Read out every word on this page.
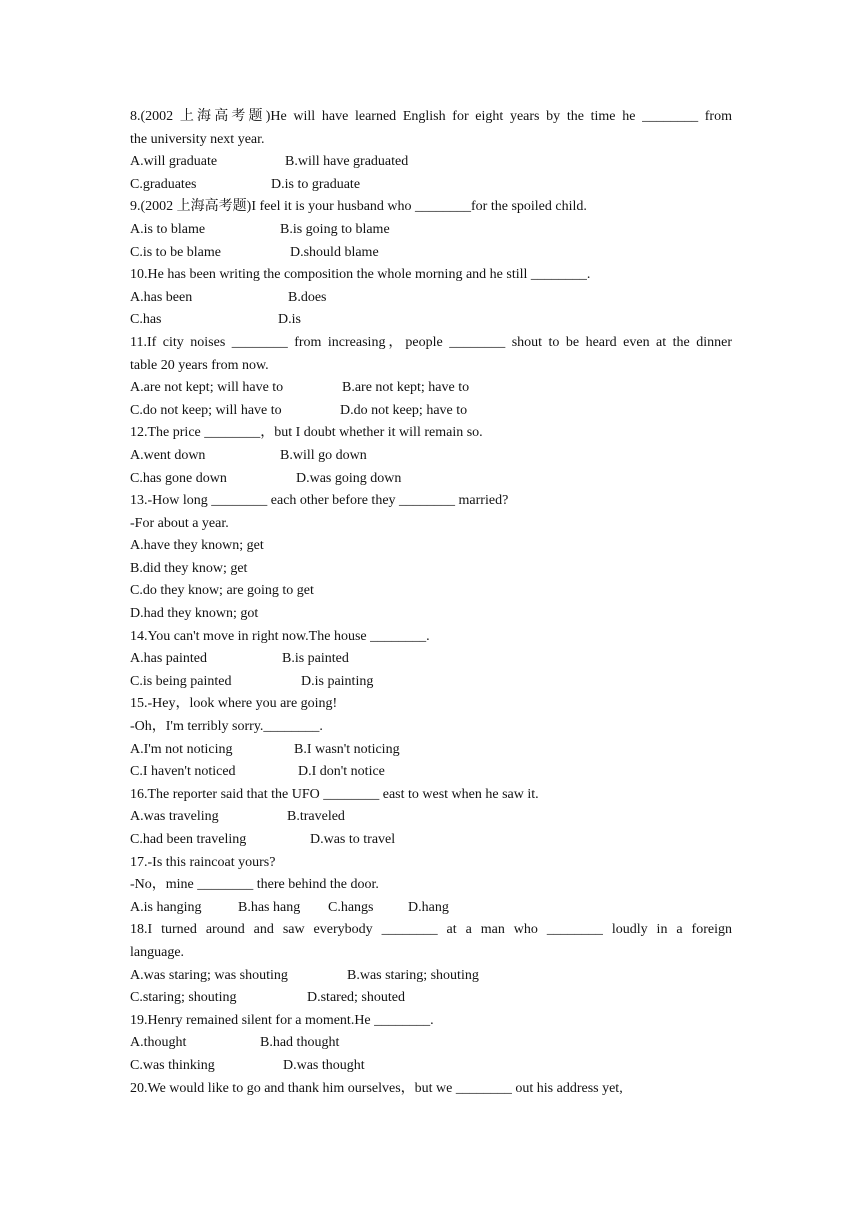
8.(2002 上海高考题)He will have learned English for eight years by the time he ________ from
the university next year.
A.will graduate	B.will have graduated
C.graduates	D.is to graduate
9.(2002 上海高考题)I feel it is your husband who ________for the spoiled child.
A.is to blame	B.is going to blame
C.is to be blame	D.should blame
10.He has been writing the composition the whole morning and he still ________.
A.has been	B.does
C.has	D.is
11.If city noises ________ from increasing，people ________ shout to be heard even at the dinner
table 20 years from now.
A.are not kept; will have to	B.are not kept; have to
C.do not keep; will have to	D.do not keep; have to
12.The price ________，but I doubt whether it will remain so.
A.went down	B.will go down
C.has gone down	D.was going down
13.-How long ________ each other before they ________ married?
-For about a year.
A.have they known; get
B.did they know; get
C.do they know; are going to get
D.had they known; got
14.You can't move in right now.The house ________.
A.has painted	B.is painted
C.is being painted	D.is painting
15.-Hey，look where you are going!
-Oh，I'm terribly sorry.________.
A.I'm not noticing	B.I wasn't noticing
C.I haven't noticed	D.I don't notice
16.The reporter said that the UFO ________ east to west when he saw it.
A.was traveling	B.traveled
C.had been traveling	D.was to travel
17.-Is this raincoat yours?
-No，mine ________ there behind the door.
A.is hanging	B.has hang C.hangs D.hang
18.I turned around and saw everybody ________ at a man who ________ loudly in a foreign
language.
A.was staring; was shouting	B.was staring; shouting
C.staring; shouting	D.stared; shouted
19.Henry remained silent for a moment.He ________.
A.thought	B.had thought
C.was thinking	D.was thought
20.We would like to go and thank him ourselves，but we ________ out his address yet,
